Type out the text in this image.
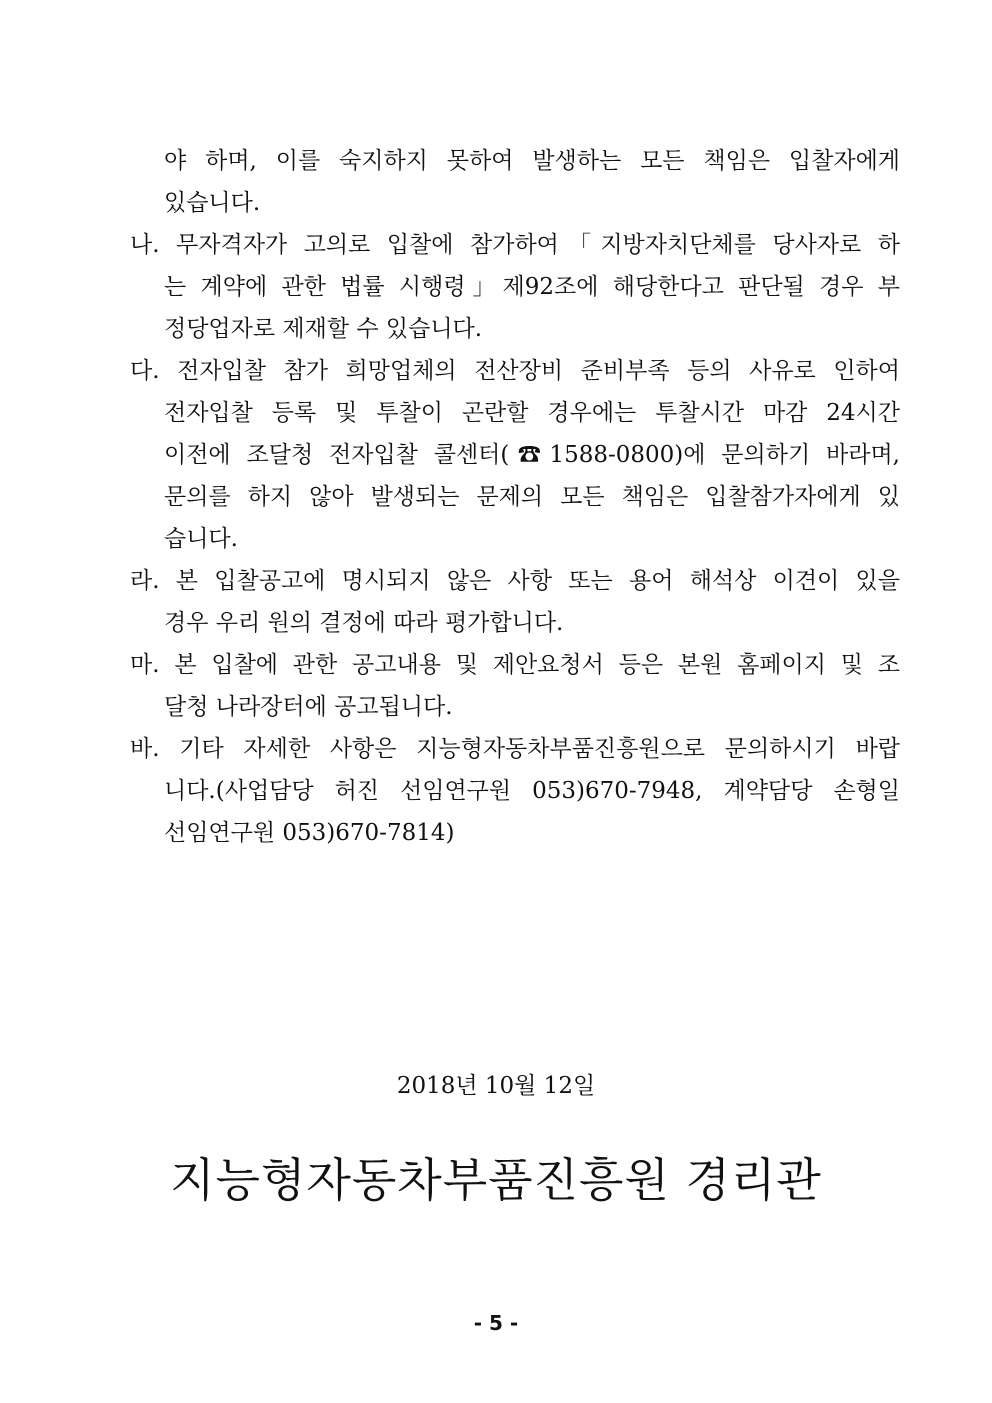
야 하며, 이를 숙지하지 못하여 발생하는 모든 책임은 입찰자에게
있습니다.
나. 무자격자가 고의로 입찰에 참가하여「지방자치단체를 당사자로 하
는 계약에 관한 법률 시행령」제92조에 해당한다고 판단될 경우 부
정당업자로 제재할 수 있습니다.
다. 전자입찰 참가 희망업체의 전산장비 준비부족 등의 사유로 인하여
전자입찰 등록 및 투찰이 곤란할 경우에는 투찰시간 마감 24시간
이전에 조달청 전자입찰 콜센터(☎1588-0800)에 문의하기 바라며,
문의를 하지 않아 발생되는 문제의 모든 책임은 입찰참가자에게 있
습니다.
라. 본 입찰공고에 명시되지 않은 사항 또는 용어 해석상 이견이 있을
경우 우리 원의 결정에 따라 평가합니다.
마. 본 입찰에 관한 공고내용 및 제안요청서 등은 본원 홈페이지 및 조
달청 나라장터에 공고됩니다.
바. 기타 자세한 사항은 지능형자동차부품진흥원으로 문의하시기 바랍
니다.(사업담당 허진 선임연구원 053)670-7948, 계약담당 손형일
선임연구원 053)670-7814)
2018년 10월 12일
지능형자동차부품진흥원 경리관
- 5 -
